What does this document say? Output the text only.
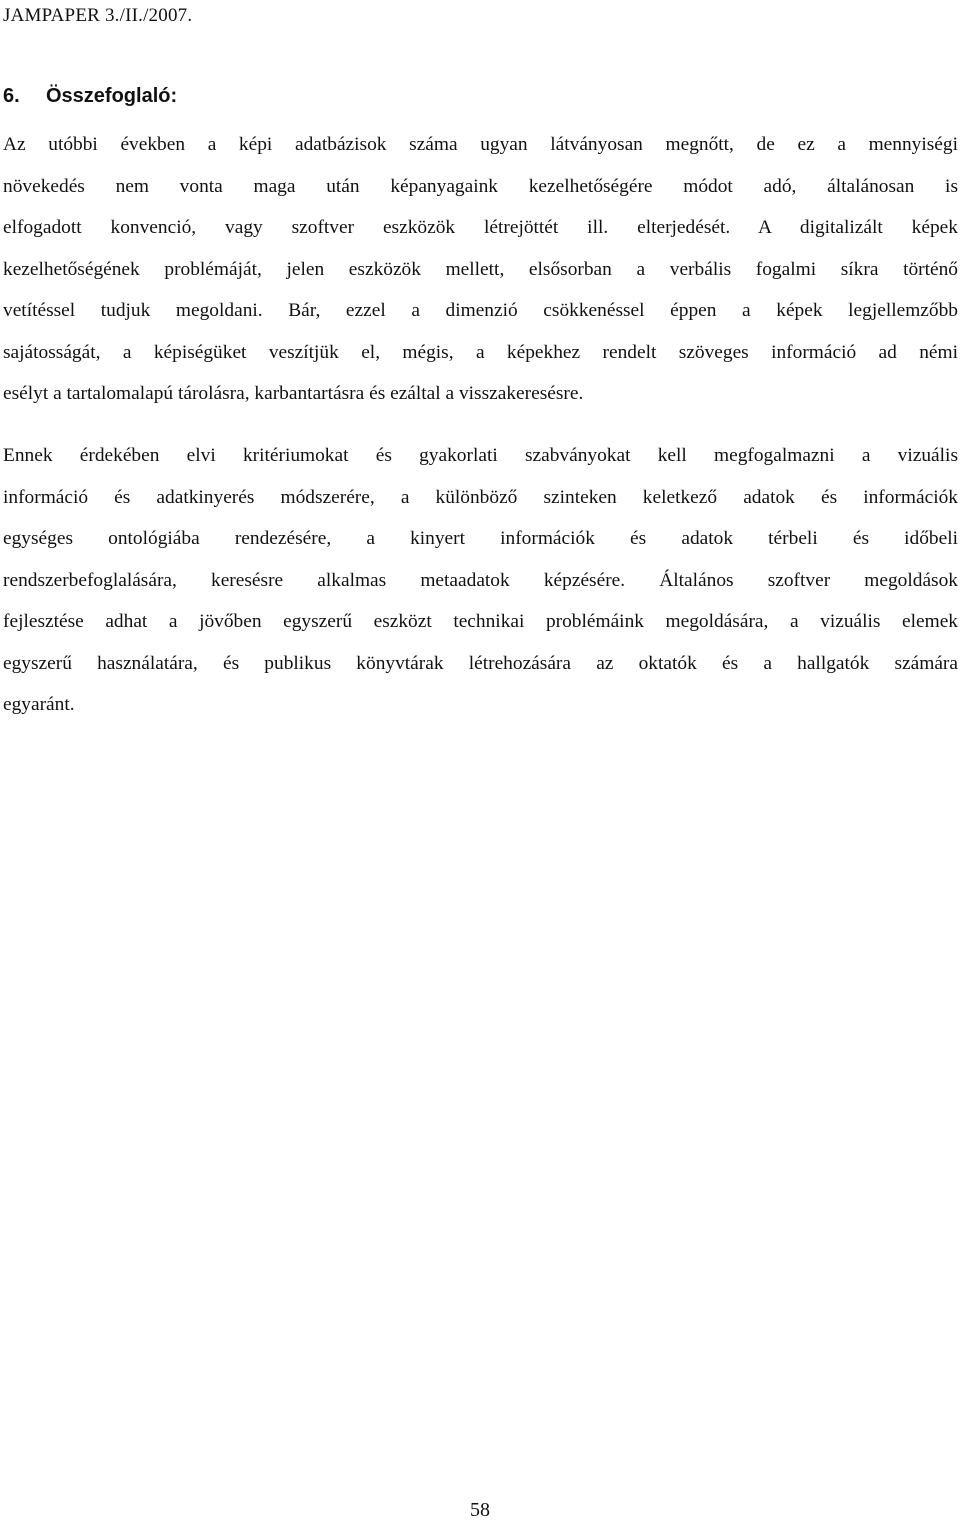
JAMPAPER 3./II./2007.
6. Összefoglaló:
Az utóbbi években a képi adatbázisok száma ugyan látványosan megnőtt, de ez a mennyiségi
növekedés nem vonta maga után képanyagaink kezelhetőségére módot adó, általánosan is
elfogadott konvenció, vagy szoftver eszközök létrejöttét ill. elterjedését. A digitalizált képek
kezelhetőségének problémáját, jelen eszközök mellett, elsősorban a verbális fogalmi síkra történő
vetítéssel tudjuk megoldani. Bár, ezzel a dimenzió csökkenéssel éppen a képek legjellemzőbb
sajátosságát, a képiségüket veszítjük el, mégis, a képekhez rendelt szöveges információ ad némi
esélyt a tartalomalapú tárolásra, karbantartásra és ezáltal a visszakeresésre.
Ennek érdekében elvi kritériumokat és gyakorlati szabványokat kell megfogalmazni a vizuális
információ és adatkinyerés módszerére, a különböző szinteken keletkező adatok és információk
egységes ontológiába rendezésére, a kinyert információk és adatok térbeli és időbeli
rendszerbefoglalására, keresésre alkalmas metaadatok képzésére. Általános szoftver megoldások
fejlesztése adhat a jövőben egyszerű eszközt technikai problémáink megoldására, a vizuális elemek
egyszerű használatára, és publikus könyvtárak létrehozására az oktatók és a hallgatók számára
egyaránt.
58
